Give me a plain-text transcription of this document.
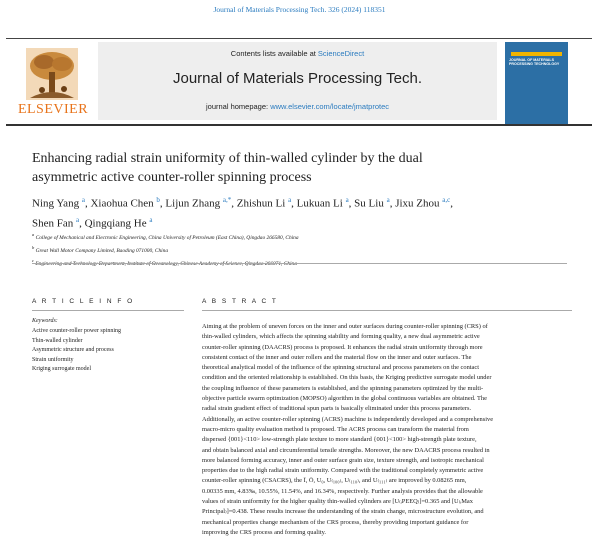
Journal of Materials Processing Tech. 326 (2024) 118351
ELSEVIER
Contents lists available at ScienceDirect
Journal of Materials Processing Tech.
journal homepage: www.elsevier.com/locate/jmatprotec
JOURNAL OF MATERIALS PROCESSING TECHNOLOGY
Enhancing radial strain uniformity of thin-walled cylinder by the dual
asymmetric active counter-roller spinning process
Ning Yang $^a$, Xiaohua Chen $^b$, Lijun Zhang $^{a,*}$, Zhishun Li $^a$, Lukuan Li $^a$, Su Liu $^a$, Jixu Zhou $^{a,c}$,
Shen Fan $^a$, Qingqiang He $^a$
$^a$ College of Mechanical and Electronic Engineering, China University of Petroleum (East China), Qingdao 266580, China
$^b$ Great Wall Motor Company Limited, Baoding 071000, China
$^c$
A R T I C L E I N F O
Keywords:
Active counter-roller power spinning
Thin-walled cylinder
Asymmetric structure and process
Strain uniformity
Kriging surrogate model
A B S T R A C T
Aiming at the problem of uneven forces on the inner and outer surfaces during counter-roller spinning (CRS) of
thin-walled cylinders, which affects the spinning stability and forming quality, a new dual asymmetric active
counter-roller spinning (DAACRS) process is proposed. It enhances the radial strain uniformity through more
consistent contact of the inner and outer rollers and the material flow on the inner and outer surfaces. The
theoretical analytical model of the influence of the spinning structural and process parameters on the contact
condition and the oriented relationship is established. On this basis, the Kriging predictive surrogate model under
the coupling influence of these parameters is established, and the spinning parameters optimized by the multi-
objective particle swarm optimization (MOPSO) algorithm in the global continuous variables are obtained. The
radial strain gradient effect of traditional spun parts is basically eliminated under this process parameters.
Additionally, an active counter-roller spinning (ACRS) machine is independently developed and a comprehensive
macro-micro quality evaluation method is proposed. The ACRS process can transform the material from
dispersed {001}<110> low-strength plate texture to more standard {001}<100> high-strength plate texture,
and obtain balanced axial and circumferential tensile strengths. Moreover, the new DAACRS process resulted in
more balanced forming accuracy, inner and outer surface grain size, texture strength, and isotropic mechanical
properties due to the high radial strain uniformity. Compared with the traditional completely symmetric active
counter-roller spinning (CSACRS), the Ī, Ō, U₀, U₍₁₀₀₎, U₍₁₁₀₎, and U₍₁₁₁₎ are improved by 0.08265 mm,
0.00335 mm, 4.83‰, 10.55%, 11.54%, and 16.34%, respectively. Further analysis provides that the allowable
values of strain uniformity for the higher quality thin-walled cylinders are [U₍ᵢPEEQ₎]=0.365 and [U₍ᵢMax
Principal₎]=0.438. These results increase the understanding of the strain change, microstructure evolution, and
mechanical properties change mechanism of the CRS process, thereby providing important guidance for
improving the CRS process and forming quality.
